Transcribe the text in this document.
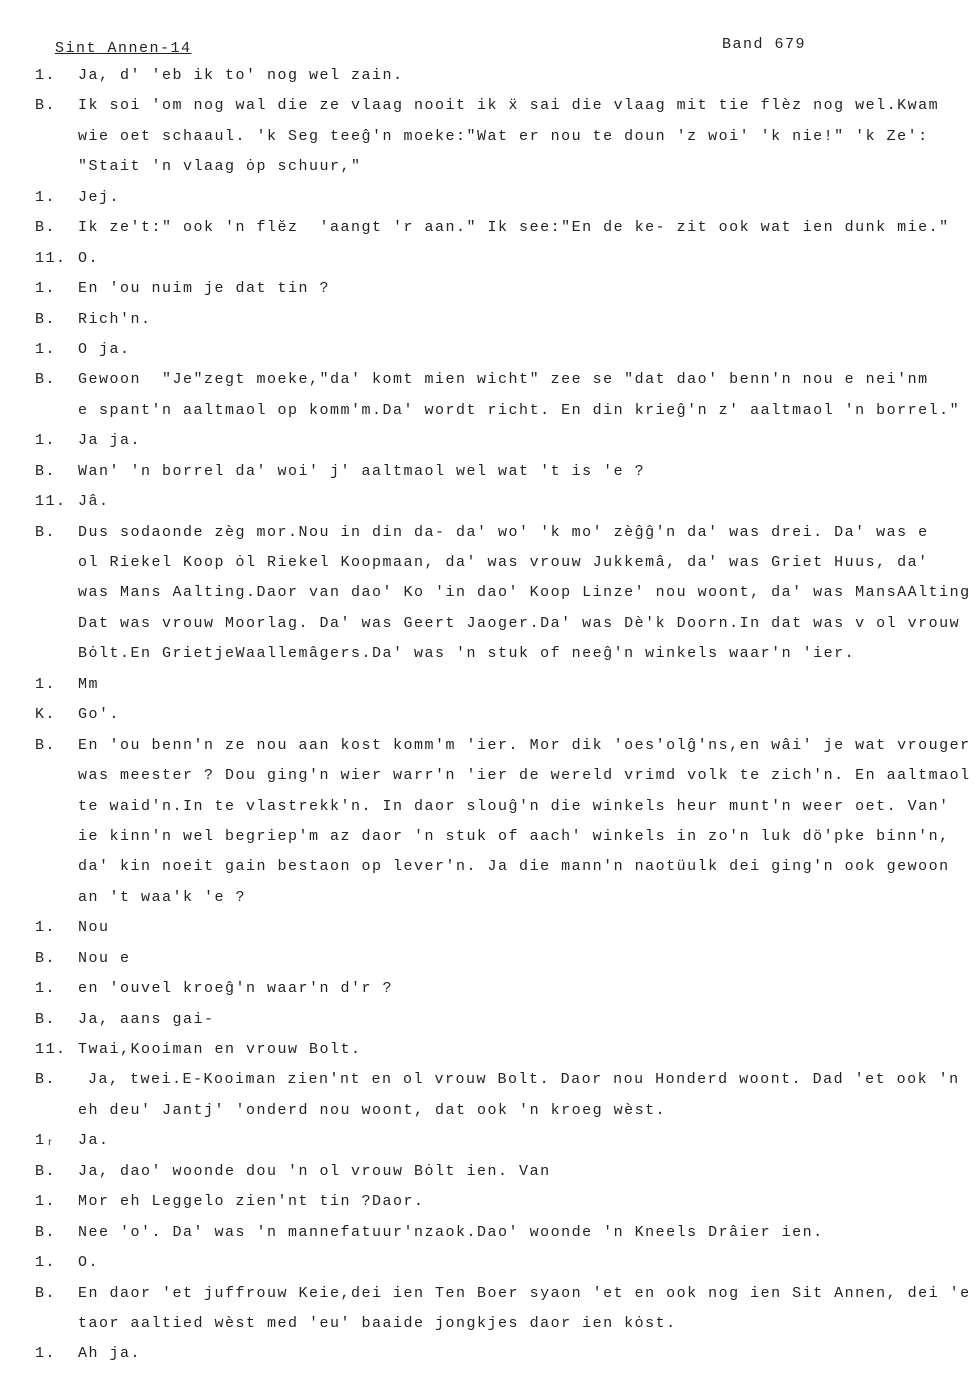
Sint Annen-14	Band 679
1.	Ja, d' 'eb ik to' nog wel zain.
B.	Ik soi 'om nog wal die ze vlaag nooit ik ẍ sai die vlaag mit tie flèz nog wel.Kwam
wie oet schaaul. 'k Seg teeĝ'n moeke:"Wat er nou te doun 'z woi' 'k nie!" 'k Ze':
"Stait 'n vlaag ȯp schuur,"
1.	Jej.
B.	Ik ze't:" ook 'n flĕz  'aangt 'r aan." Ik see:"En de ke- zit ook wat ien dunk mie."
11. O.
1.	En 'ou nuim je dat tin ?
B.	Rich'n.
1.	O ja.
B.	Gewoon  "Je"zegt moeke,"da' komt mien wicht" zee se "dat dao' benn'n nou e nei'nm
e spant'n aaltmaol op komm'm.Da' wordt richt. En din krieĝ'n z' aaltmaol 'n borrel."
1.	Ja ja.
B.	Wan' 'n borrel da' woi' j' aaltmaol wel wat 't is 'e ?
11. Jâ.
B.	Dus sodaonde zèg mor.Nou in din da- da' wo' 'k mo' zèĝĝ'n da' was drei. Da' was e
ol Riekel Koop ȯl Riekel Koopmaan, da' was vrouw Jukkemâ, da' was Griet Huus, da'
was Mans Aalting.Daor van dao' Ko 'in dao' Koop Linze' nou woont, da' was MansAAlting
Dat was vrouw Moorlag. Da' was Geert Jaoger.Da' was Dè'k Doorn.In dat was v ol vrouw
Bȯlt.En GrietjeWaallemâgers.Da' was 'n stuk of neeĝ'n winkels waar'n 'ier.
1.	Mm
K.	Go'.
B.	En 'ou benn'n ze nou aan kost komm'm 'ier. Mor dik 'oes'olĝ'ns,en wâi' je wat vrouger
was meester ? Dou ging'n wier warr'n 'ier de wereld vrimd volk te zich'n. En aaltmaol
te waid'n.In te vlastrekk'n. In daor slouĝ'n die winkels heur munt'n weer oet. Van'
ie kinn'n wel begriep'm az daor 'n stuk of aach' winkels in zo'n luk dö'pke binn'n,
da' kin noeit gain bestaon op lever'n. Ja die mann'n naotüulk dei ging'n ook gewoon
an 't waa'k 'e ?
1.	Nou
B.	Nou e
1.	en 'ouvel kroeĝ'n waar'n d'r ?
B.	Ja, aans gai-
11. Twai,Kooiman en vrouw Bolt.
B.	Ja, twei.E-Kooiman zien'nt en ol vrouw Bolt. Daor nou Honderd woont. Dad 'et ook 'n
eh deu' Jantj' 'onderd nou woont, dat ook 'n kroeg wèst.
1ᵣ	Ja.
B.	Ja, dao' woonde dou 'n ol vrouw Bȯlt ien. Van
1.	Mor eh Leggelo zien'nt tin ?Daor.
B.	Nee 'o'. Da' was 'n mannefatuur'nzaok.Dao' woonde 'n Kneels Drâier ien.
1.	O.
B.	En daor 'et juffrouw Keie,dei ien Ten Boer syaon 'et en ook nog ien Sit Annen, dei 'e
taor aaltied wèst med 'eu' baaide jongkjes daor ien kȯst.
1.	Ah ja.
